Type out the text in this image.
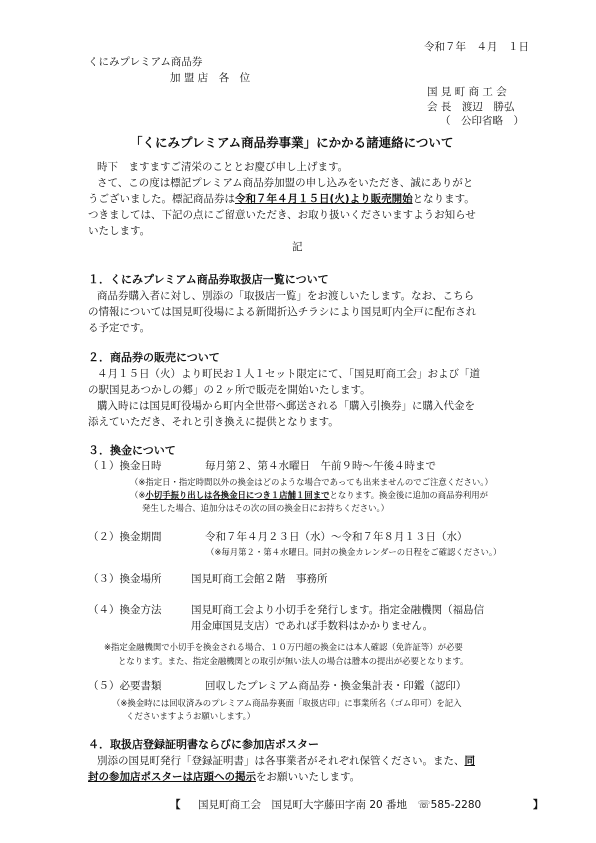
令和７年　４月　１日
くにみプレミアム商品券
加 盟 店　各　位
国 見 町 商 工 会
会 長　渡辺　勝弘
（　公印省略　）
「くにみプレミアム商品券事業」にかかる諸連絡について
時下　ますますご清栄のこととお慶び申し上げます。
さて、この度は標記プレミアム商品券加盟の申し込みをいただき、誠にありがと
うございました。標記商品券は令和７年４月１５日(火)より販売開始となります。
つきましては、下記の点にご留意いただき、お取り扱いくださいますようお知らせ
いたします。
記
１．くにみプレミアム商品券取扱店一覧について
商品券購入者に対し、別添の「取扱店一覧」をお渡しいたします。なお、こちら
の情報については国見町役場による新聞折込チラシにより国見町内全戸に配布され
る予定です。
２．商品券の販売について
４月１５日（火）より町民お１人１セット限定にて、「国見町商工会」および「道
の駅国見あつかしの郷」の２ヶ所で販売を開始いたします。
購入時には国見町役場から町内全世帯へ郵送される「購入引換券」に購入代金を
添えていただき、それと引き換えに提供となります。
３．換金について
（１）換金日時	毎月第２、第４水曜日　午前９時～午後４時まで
（※指定日・指定時間以外の換金はどのような場合であっても出来ませんのでご注意ください。）
（※小切手振り出しは各換金日につき１店舗１回までとなります。換金後に追加の商品券利用が
発生した場合、追加分はその次の回の換金日にお持ちください。）
（２）換金期間	令和７年４月２３日（水）～令和７年８月１３日（水）
（※毎月第２・第４水曜日。同封の換金カレンダーの日程をご確認ください。）
（３）換金場所	国見町商工会館２階　事務所
（４）換金方法	国見町商工会より小切手を発行します。指定金融機関（福島信
用金庫国見支店）であれば手数料はかかりません。
※指定金融機関で小切手を換金される場合、１０万円超の換金には本人確認（免許証等）が必要
となります。また、指定金融機関との取引が無い法人の場合は謄本の提出が必要となります。
（５）必要書類	回収したプレミアム商品券・換金集計表・印鑑（認印）
（※換金時には回収済みのプレミアム商品券裏面「取扱店印」に事業所名（ゴム印可）を記入
くださいますようお願いします。）
４．取扱店登録証明書ならびに参加店ポスター
別添の国見町発行「登録証明書」は各事業者がそれぞれ保管ください。また、同
封の参加店ポスターは店頭への掲示をお願いいたします。
【 国見町商工会　国見町大字藤田字南 20 番地　☏585-2280	】
